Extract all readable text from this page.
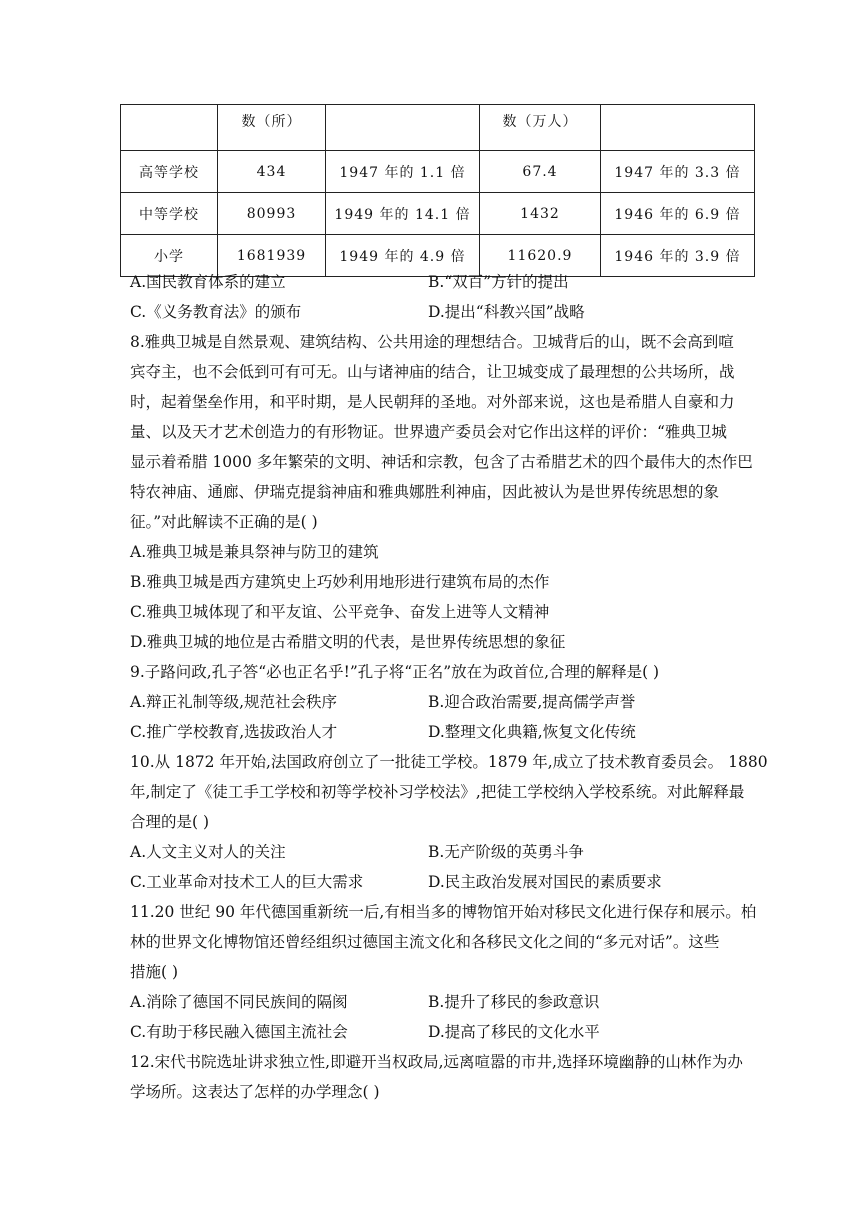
	数（所）		数（万人）	
高等学校	434	1947 年的 1.1 倍	67.4	1947 年的 3.3 倍
中等学校	80993	1949 年的 14.1 倍	1432	1946 年的 6.9 倍
小学	1681939	1949 年的 4.9 倍	11620.9	1946 年的 3.9 倍
A.国民教育体系的建立	B.“双百”方针的提出
C.《义务教育法》的颁布	D.提出“科教兴国”战略
8.雅典卫城是自然景观、建筑结构、公共用途的理想结合。卫城背后的山，既不会高到喧
宾夺主，也不会低到可有可无。山与诸神庙的结合，让卫城变成了最理想的公共场所，战
时，起着堡垒作用，和平时期，是人民朝拜的圣地。对外部来说，这也是希腊人自豪和力
量、以及天才艺术创造力的有形物证。世界遗产委员会对它作出这样的评价：“雅典卫城
显示着希腊 1000 多年繁荣的文明、神话和宗教，包含了古希腊艺术的四个最伟大的杰作巴
特农神庙、通廊、伊瑞克提翁神庙和雅典娜胜利神庙，因此被认为是世界传统思想的象
征。”对此解读不正确的是( )
A.雅典卫城是兼具祭神与防卫的建筑
B.雅典卫城是西方建筑史上巧妙利用地形进行建筑布局的杰作
C.雅典卫城体现了和平友谊、公平竞争、奋发上进等人文精神
D.雅典卫城的地位是古希腊文明的代表，是世界传统思想的象征
9.子路问政,孔子答“必也正名乎!”孔子将“正名”放在为政首位,合理的解释是( )
A.辩正礼制等级,规范社会秩序	B.迎合政治需要,提高儒学声誉
C.推广学校教育,选拔政治人才	D.整理文化典籍,恢复文化传统
10.从 1872 年开始,法国政府创立了一批徒工学校。1879 年,成立了技术教育委员会。 1880
年,制定了《徒工手工学校和初等学校补习学校法》,把徒工学校纳入学校系统。对此解释最
合理的是( )
A.人文主义对人的关注	B.无产阶级的英勇斗争
C.工业革命对技术工人的巨大需求	D.民主政治发展对国民的素质要求
11.20 世纪 90 年代德国重新统一后,有相当多的博物馆开始对移民文化进行保存和展示。柏
林的世界文化博物馆还曾经组织过德国主流文化和各移民文化之间的“多元对话”。这些
措施( )
A.消除了德国不同民族间的隔阂	B.提升了移民的参政意识
C.有助于移民融入德国主流社会	D.提高了移民的文化水平
12.宋代书院选址讲求独立性,即避开当权政局,远离喧嚣的市井,选择环境幽静的山林作为办
学场所。这表达了怎样的办学理念( )
